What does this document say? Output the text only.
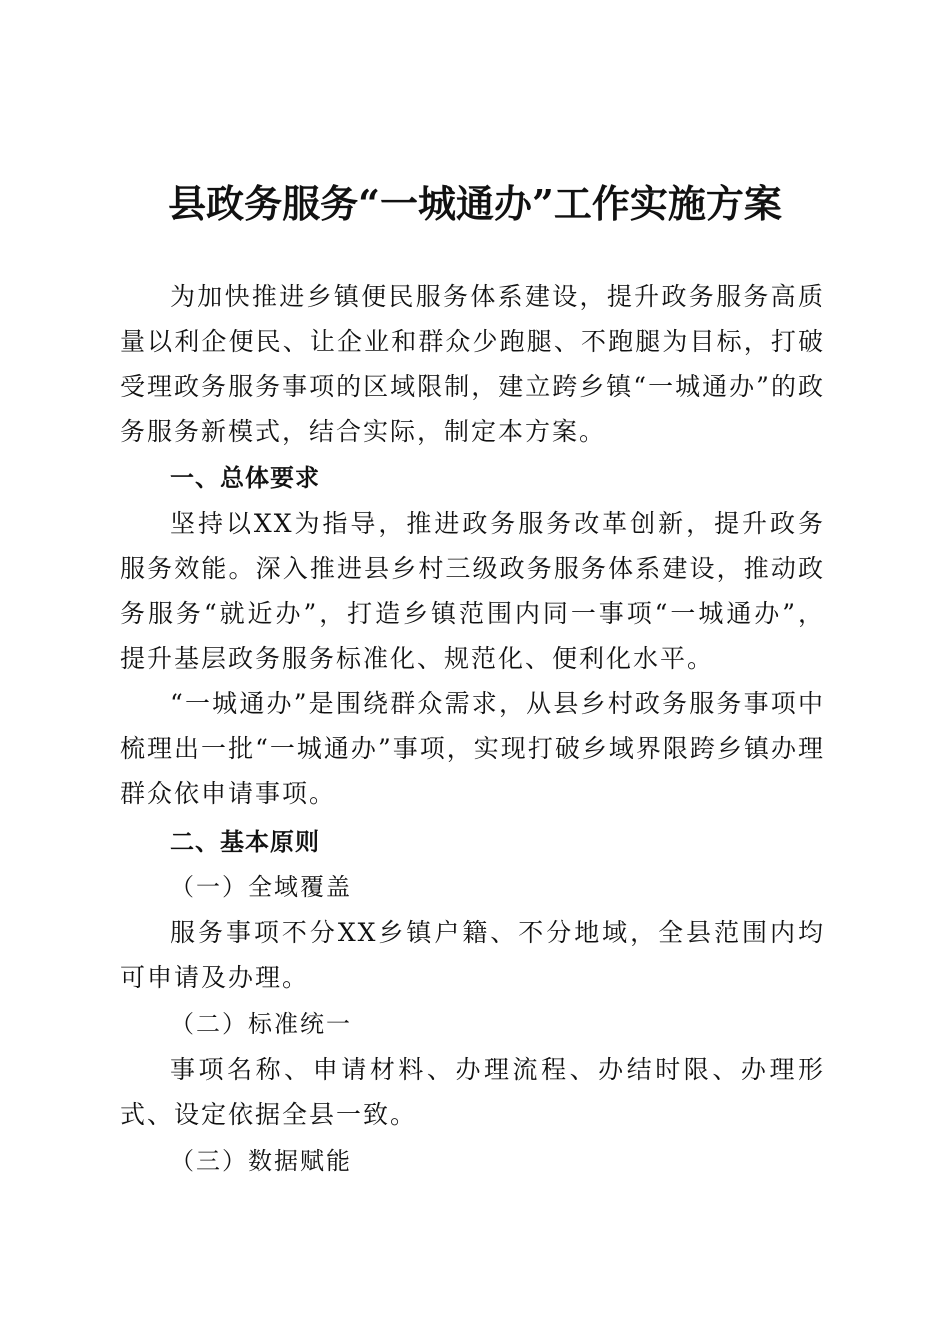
县政务服务“一城通办”工作实施方案

为加快推进乡镇便民服务体系建设，提升政务服务高质量以利企便民、让企业和群众少跑腿、不跑腿为目标，打破受理政务服务事项的区域限制，建立跨乡镇“一城通办”的政务服务新模式，结合实际，制定本方案。

一、总体要求

坚持以XX为指导，推进政务服务改革创新，提升政务服务效能。深入推进县乡村三级政务服务体系建设，推动政务服务“就近办”，打造乡镇范围内同一事项“一城通办”，提升基层政务服务标准化、规范化、便利化水平。

“一城通办”是围绕群众需求，从县乡村政务服务事项中梳理出一批“一城通办”事项，实现打破乡域界限跨乡镇办理群众依申请事项。

二、基本原则

（一）全域覆盖

服务事项不分XX乡镇户籍、不分地域，全县范围内均可申请及办理。

（二）标准统一

事项名称、申请材料、办理流程、办结时限、办理形式、设定依据全县一致。

（三）数据赋能
